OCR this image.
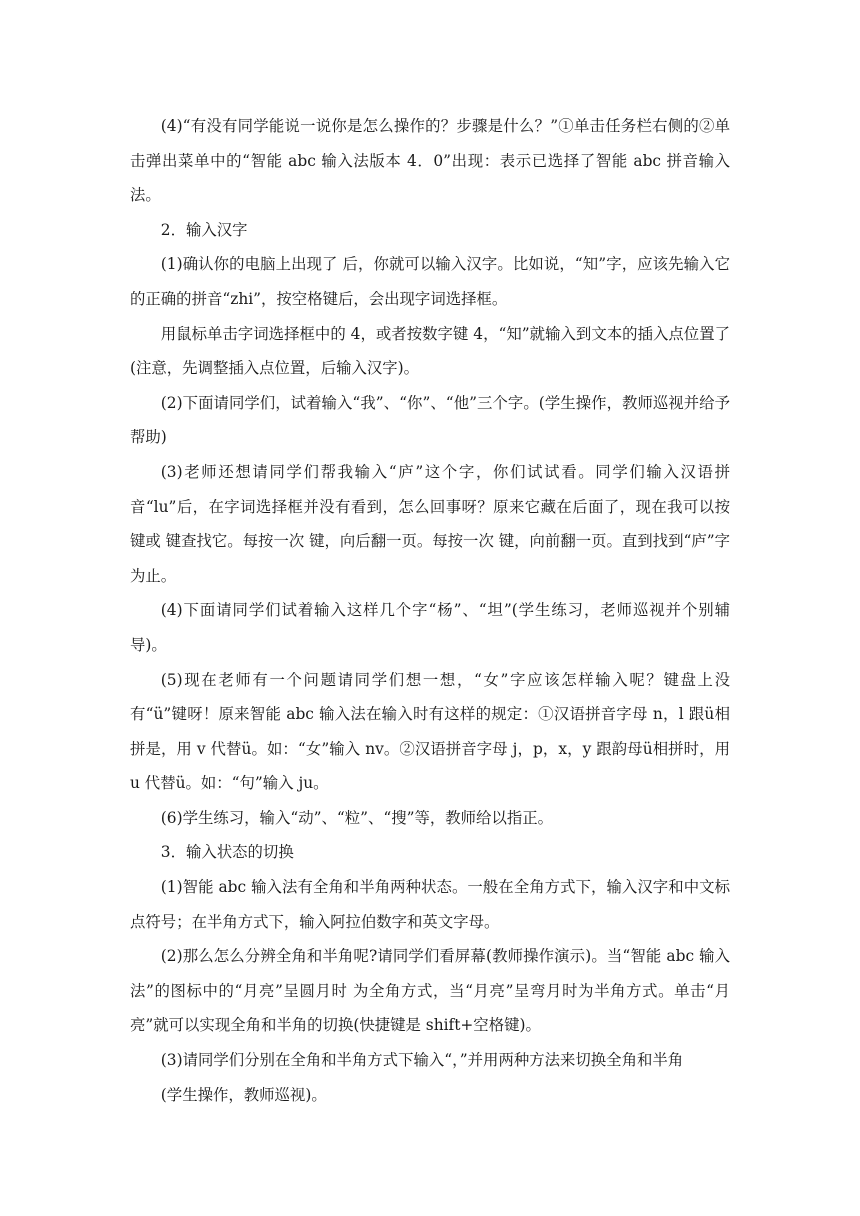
(4)“有没有同学能说一说你是怎么操作的？步骤是什么？”①单击任务栏右侧的②单击弹出菜单中的“智能 abc 输入法版本 4．0”出现：表示已选择了智能 abc 拼音输入法。

2．输入汉字

(1)确认你的电脑上出现了 后，你就可以输入汉字。比如说，“知”字，应该先输入它的正确的拼音“zhi”，按空格键后，会出现字词选择框。

用鼠标单击字词选择框中的 4，或者按数字键 4，“知”就输入到文本的插入点位置了(注意，先调整插入点位置，后输入汉字)。

(2)下面请同学们，试着输入“我”、“你”、“他”三个字。(学生操作，教师巡视并给予帮助)

(3)老师还想请同学们帮我输入“庐”这个字，你们试试看。同学们输入汉语拼音“lu”后，在字词选择框并没有看到，怎么回事呀？原来它藏在后面了，现在我可以按 键或 键查找它。每按一次 键，向后翻一页。每按一次 键，向前翻一页。直到找到“庐”字为止。

(4)下面请同学们试着输入这样几个字“杨”、“坦”(学生练习，老师巡视并个别辅导)。

(5)现在老师有一个问题请同学们想一想，“女”字应该怎样输入呢？键盘上没有“ü”键呀！原来智能 abc 输入法在输入时有这样的规定：①汉语拼音字母 n，l 跟ü相拼是，用 v 代替ü。如：“女”输入 nv。②汉语拼音字母 j，p，x，y 跟韵母ü相拼时，用 u 代替ü。如：“句”输入 ju。

(6)学生练习，输入“动”、“粒”、“搜”等，教师给以指正。

3．输入状态的切换

(1)智能 abc 输入法有全角和半角两种状态。一般在全角方式下，输入汉字和中文标点符号；在半角方式下，输入阿拉伯数字和英文字母。

(2)那么怎么分辨全角和半角呢?请同学们看屏幕(教师操作演示)。当“智能 abc 输入法”的图标中的“月亮”呈圆月时 为全角方式，当“月亮”呈弯月时为半角方式。单击“月亮”就可以实现全角和半角的切换(快捷键是 shift+空格键)。

(3)请同学们分别在全角和半角方式下输入“，”并用两种方法来切换全角和半角

(学生操作，教师巡视)。
